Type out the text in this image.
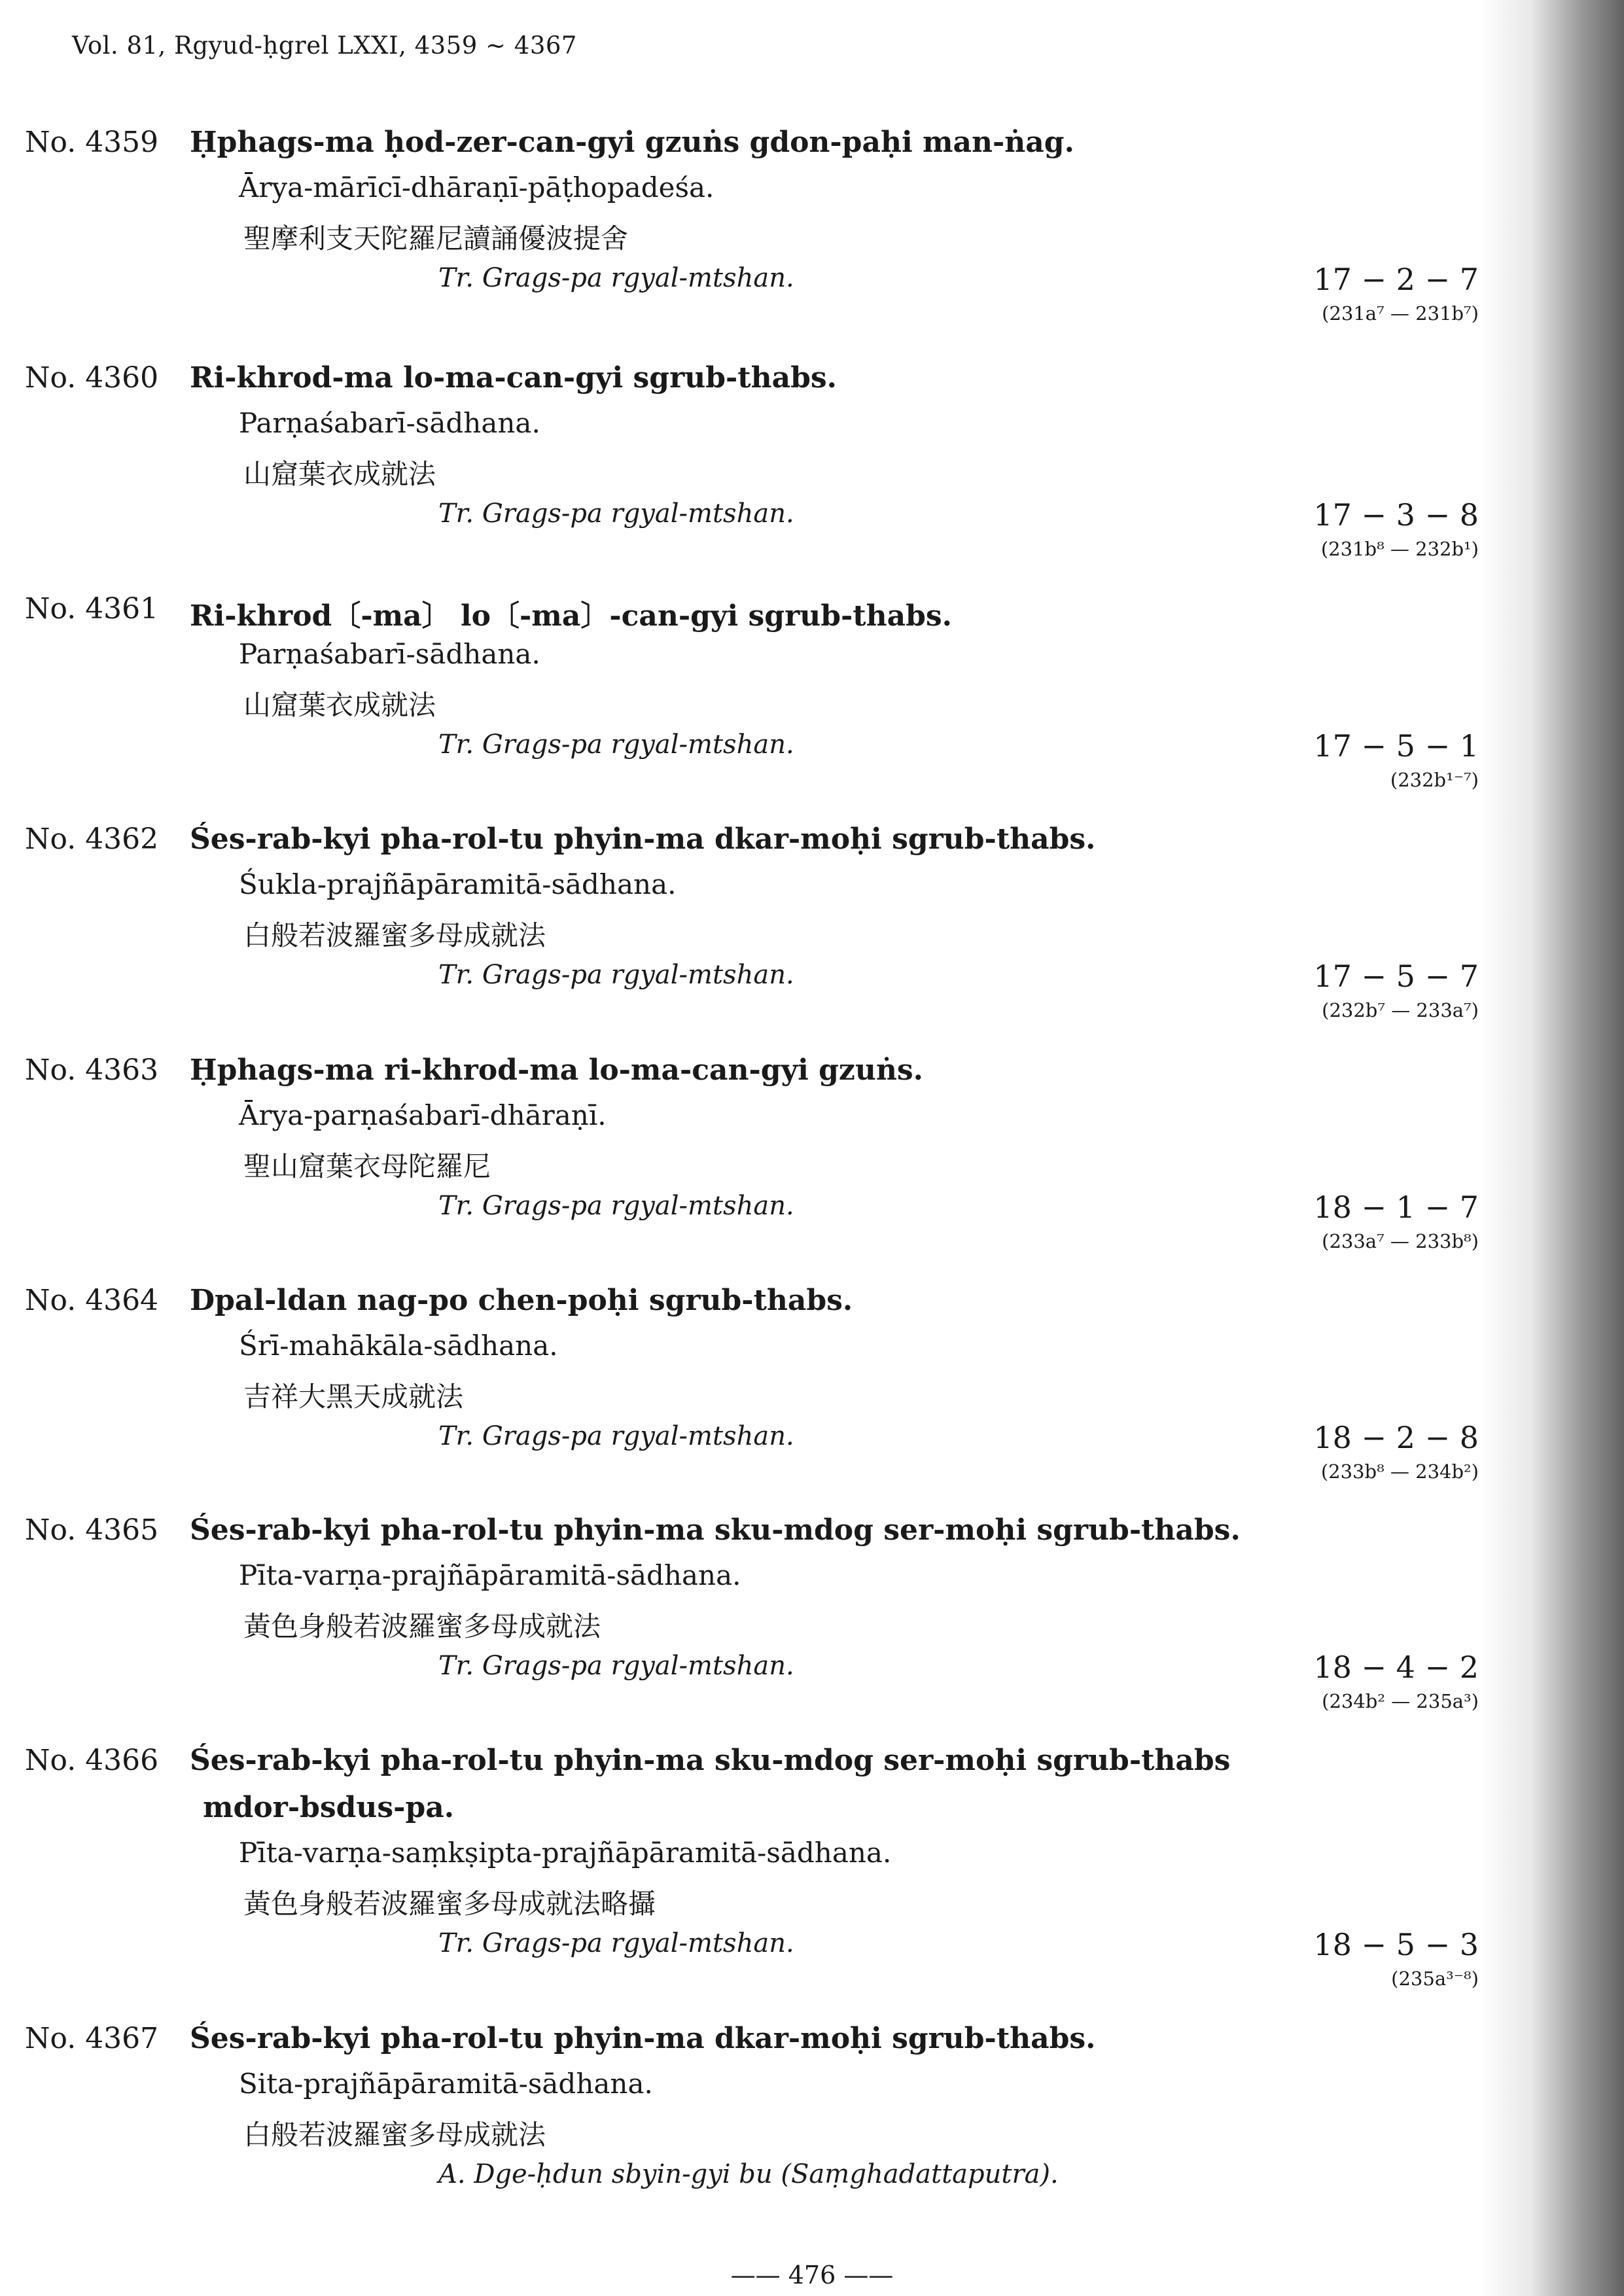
Vol. 81, Rgyud-ḥgrel LXXI, 4359 ∼ 4367
No. 4359 Ḥphags-ma ḥod-zer-can-gyi gzuṅs gdon-paḥi man-ṅag.
Ārya-mārīcī-dhāraṇī-pāṭhopadeśa.
聖摩利支天陀羅尼讀誦優波提舍
Tr. Grags-pa rgyal-mtshan.	17 − 2 − 7
(231a⁷ — 231b⁷)
No. 4360 Ri-khrod-ma lo-ma-can-gyi sgrub-thabs.
Parṇaśabarī-sādhana.
山窟葉衣成就法
Tr. Grags-pa rgyal-mtshan.	17 − 3 − 8
(231b⁸ — 232b¹)
No. 4361 Ri-khrod〔-ma〕 lo〔-ma〕-can-gyi sgrub-thabs.
Parṇaśabarī-sādhana.
山窟葉衣成就法
Tr. Grags-pa rgyal-mtshan.	17 − 5 − 1
(232b¹⁻⁷)
No. 4362 Śes-rab-kyi pha-rol-tu phyin-ma dkar-moḥi sgrub-thabs.
Śukla-prajñāpāramitā-sādhana.
白般若波羅蜜多母成就法
Tr. Grags-pa rgyal-mtshan.	17 − 5 − 7
(232b⁷ — 233a⁷)
No. 4363 Ḥphags-ma ri-khrod-ma lo-ma-can-gyi gzuṅs.
Ārya-parṇaśabarī-dhāraṇī.
聖山窟葉衣母陀羅尼
Tr. Grags-pa rgyal-mtshan.	18 − 1 − 7
(233a⁷ — 233b⁸)
No. 4364 Dpal-ldan nag-po chen-poḥi sgrub-thabs.
Śrī-mahākāla-sādhana.
吉祥大黑天成就法
Tr. Grags-pa rgyal-mtshan.	18 − 2 − 8
(233b⁸ — 234b²)
No. 4365 Śes-rab-kyi pha-rol-tu phyin-ma sku-mdog ser-moḥi sgrub-thabs.
Pīta-varṇa-prajñāpāramitā-sādhana.
黃色身般若波羅蜜多母成就法
Tr. Grags-pa rgyal-mtshan.	18 − 4 − 2
(234b² — 235a³)
No. 4366 Śes-rab-kyi pha-rol-tu phyin-ma sku-mdog ser-moḥi sgrub-thabs
mdor-bsdus-pa.
Pīta-varṇa-saṃkṣipta-prajñāpāramitā-sādhana.
黃色身般若波羅蜜多母成就法略攝
Tr. Grags-pa rgyal-mtshan.	18 − 5 − 3
(235a³⁻⁸)
No. 4367 Śes-rab-kyi pha-rol-tu phyin-ma dkar-moḥi sgrub-thabs.
Sita-prajñāpāramitā-sādhana.
白般若波羅蜜多母成就法
A. Dge-ḥdun sbyin-gyi bu (Saṃghadattaputra).
—— 476 ——
